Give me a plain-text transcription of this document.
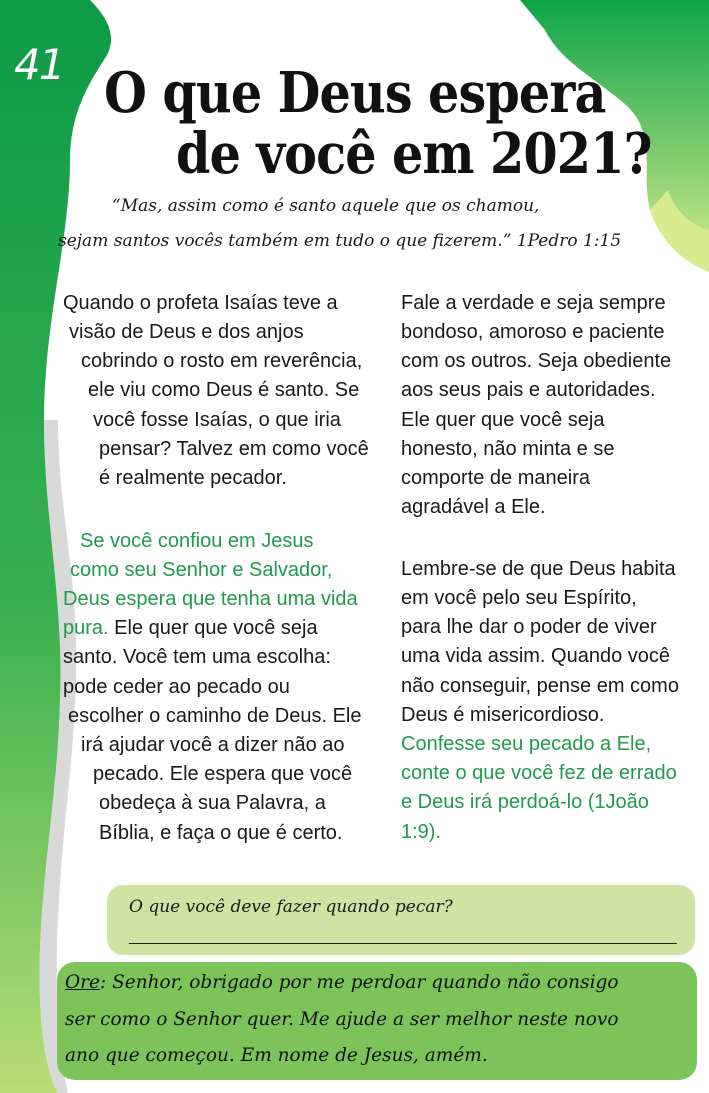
41 O que Deus espera
de você em 2021?
“Mas, assim como é santo aquele que os chamou,
sejam santos vocês também em tudo o que fizerem.” 1Pedro 1:15
Quando o profeta Isaías teve a
visão de Deus e dos anjos
cobrindo o rosto em reverência,
ele viu como Deus é santo. Se
você fosse Isaías, o que iria
pensar? Talvez em como você
é realmente pecador.
Se você confiou em Jesus
como seu Senhor e Salvador,
Deus espera que tenha uma vida
pura. Ele quer que você seja
santo. Você tem uma escolha:
pode ceder ao pecado ou
escolher o caminho de Deus. Ele
irá ajudar você a dizer não ao
pecado. Ele espera que você
obedeça à sua Palavra, a
Bíblia, e faça o que é certo.
Fale a verdade e seja sempre
bondoso, amoroso e paciente
com os outros. Seja obediente
aos seus pais e autoridades.
Ele quer que você seja
honesto, não minta e se
comporte de maneira
agradável a Ele.
Lembre-se de que Deus habita
em você pelo seu Espírito,
para lhe dar o poder de viver
uma vida assim. Quando você
não conseguir, pense em como
Deus é misericordioso.
Confesse seu pecado a Ele,
conte o que você fez de errado
e Deus irá perdoá-lo (1João
1:9).
O que você deve fazer quando pecar?
Ore: Senhor, obrigado por me perdoar quando não consigo
ser como o Senhor quer. Me ajude a ser melhor neste novo
ano que começou. Em nome de Jesus, amém.
